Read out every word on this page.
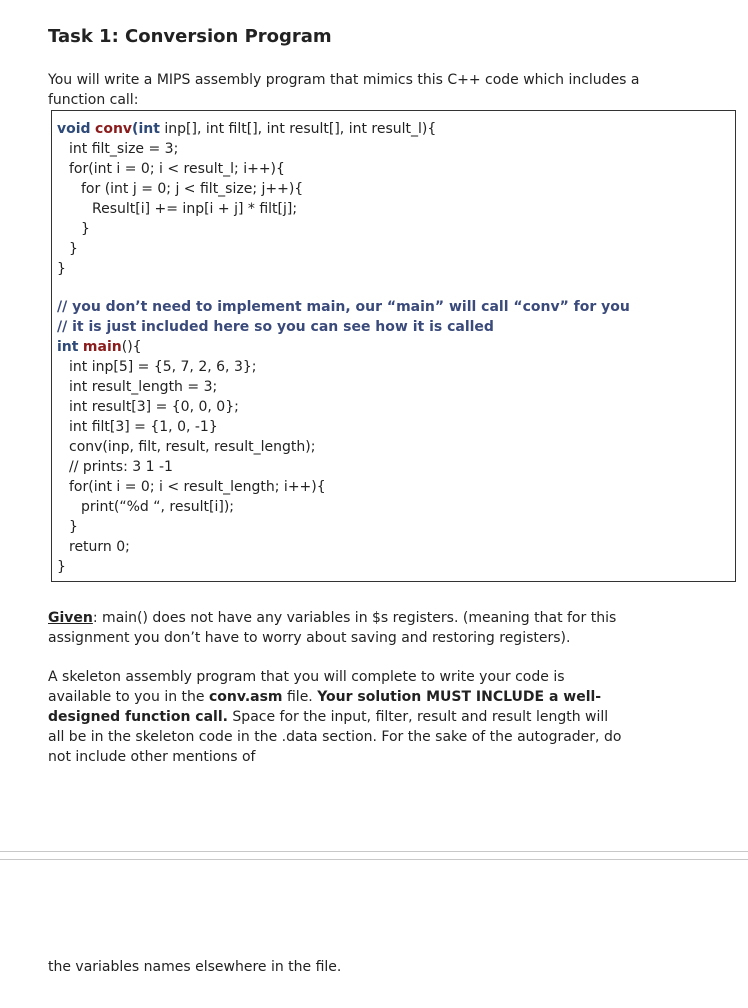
Task 1: Conversion Program
You will write a MIPS assembly program that mimics this C++ code which includes a function call:
void conv(int inp[], int filt[], int result[], int result_l){
int filt_size = 3;
for(int i = 0; i < result_l; i++){
for (int j = 0; j < filt_size; j++){
Result[i] += inp[i + j] * filt[j];
}
}
}
// you don’t need to implement main, our “main” will call “conv” for you
// it is just included here so you can see how it is called
int main(){
int inp[5] = {5, 7, 2, 6, 3};
int result_length = 3;
int result[3] = {0, 0, 0};
int filt[3] = {1, 0, -1}
conv(inp, filt, result, result_length);
// prints: 3 1 -1
for(int i = 0; i < result_length; i++){
print(“%d “, result[i]);
}
return 0;
}
Given: main() does not have any variables in $s registers. (meaning that for this assignment you don’t have to worry about saving and restoring registers).
A skeleton assembly program that you will complete to write your code is available to you in the conv.asm file. Your solution MUST INCLUDE a well-designed function call. Space for the input, filter, result and result length will all be in the skeleton code in the .data section. For the sake of the autograder, do not include other mentions of
the variables names elsewhere in the file.
